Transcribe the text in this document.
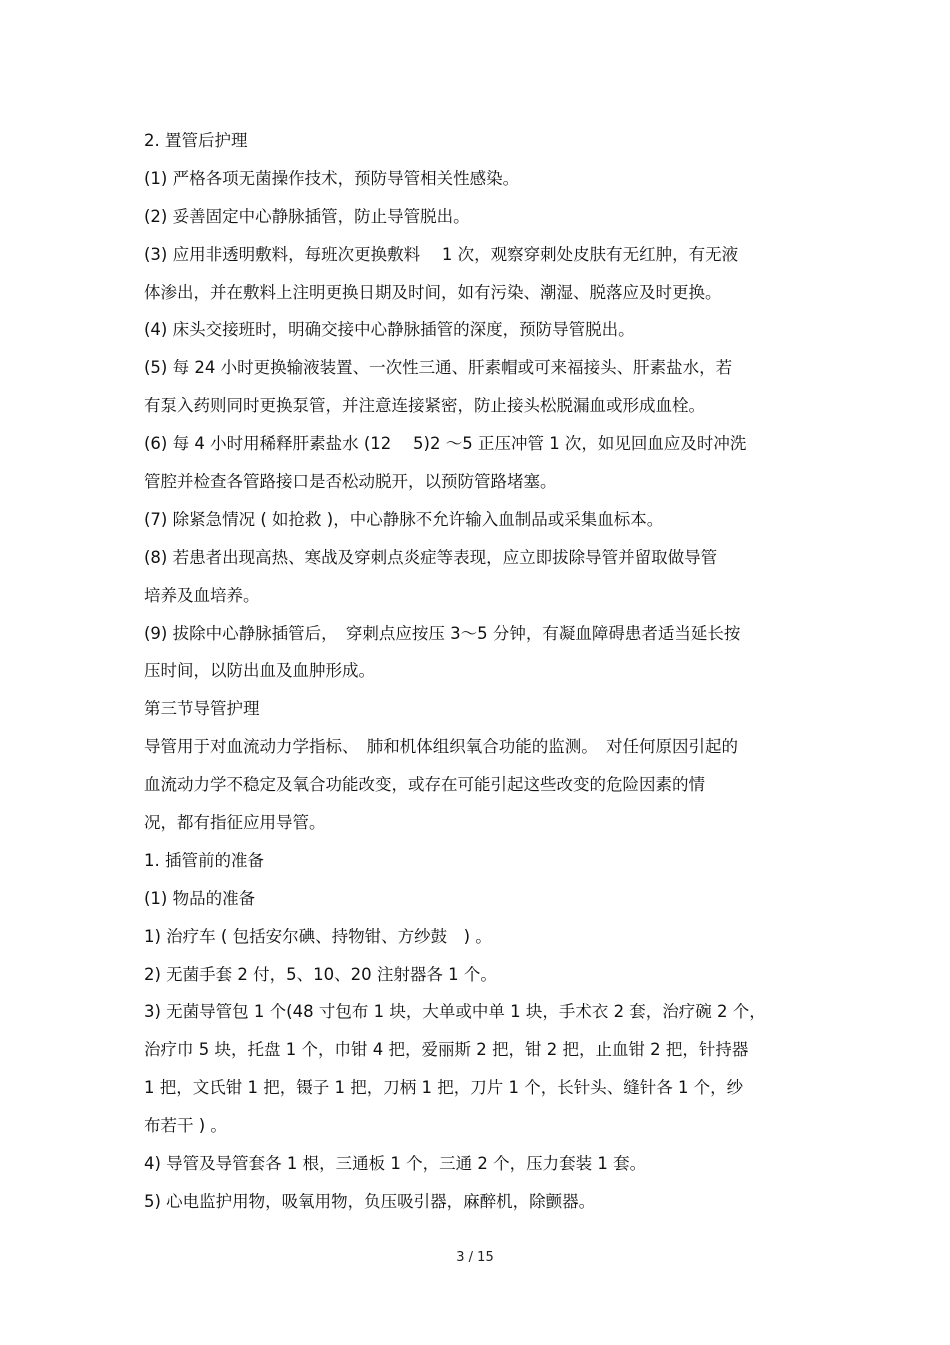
2. 置管后护理
(1) 严格各项无菌操作技术，预防导管相关性感染。
(2) 妥善固定中心静脉插管，防止导管脱出。
(3) 应用非透明敷料，每班次更换敷料　 1 次，观察穿刺处皮肤有无红肿，有无液
体渗出，并在敷料上注明更换日期及时间，如有污染、潮湿、脱落应及时更换。
(4) 床头交接班时，明确交接中心静脉插管的深度，预防导管脱出。
(5) 每 24 小时更换输液装置、一次性三通、肝素帽或可来福接头、肝素盐水，若
有泵入药则同时更换泵管，并注意连接紧密，防止接头松脱漏血或形成血栓。
(6) 每 4 小时用稀释肝素盐水 (12　 5)2 ～5 正压冲管 1 次，如见回血应及时冲洗
管腔并检查各管路接口是否松动脱开，以预防管路堵塞。
(7) 除紧急情况 ( 如抢救 )，中心静脉不允许输入血制品或采集血标本。
(8) 若患者出现高热、寒战及穿刺点炎症等表现，应立即拔除导管并留取做导管
培养及血培养。
(9) 拔除中心静脉插管后，　穿刺点应按压 3～5 分钟，有凝血障碍患者适当延长按
压时间，以防出血及血肿形成。
第三节导管护理
导管用于对血流动力学指标、　肺和机体组织氧合功能的监测。　对任何原因引起的
血流动力学不稳定及氧合功能改变，或存在可能引起这些改变的危险因素的情
况，都有指征应用导管。
1. 插管前的准备
(1) 物品的准备
1) 治疗车 ( 包括安尔碘、持物钳、方纱鼓　) 。
2) 无菌手套 2 付，5、10、20 注射器各 1 个。
3) 无菌导管包 1 个(48 寸包布 1 块，大单或中单 1 块，手术衣 2 套，治疗碗 2 个，
治疗巾 5 块，托盘 1 个，巾钳 4 把，爱丽斯 2 把，钳 2 把，止血钳 2 把，针持器
1 把，文氏钳 1 把，镊子 1 把，刀柄 1 把，刀片 1 个，长针头、缝针各 1 个，纱
布若干 ) 。
4) 导管及导管套各 1 根，三通板 1 个，三通 2 个，压力套装 1 套。
5) 心电监护用物，吸氧用物，负压吸引器，麻醉机，除颤器。
3 / 15
